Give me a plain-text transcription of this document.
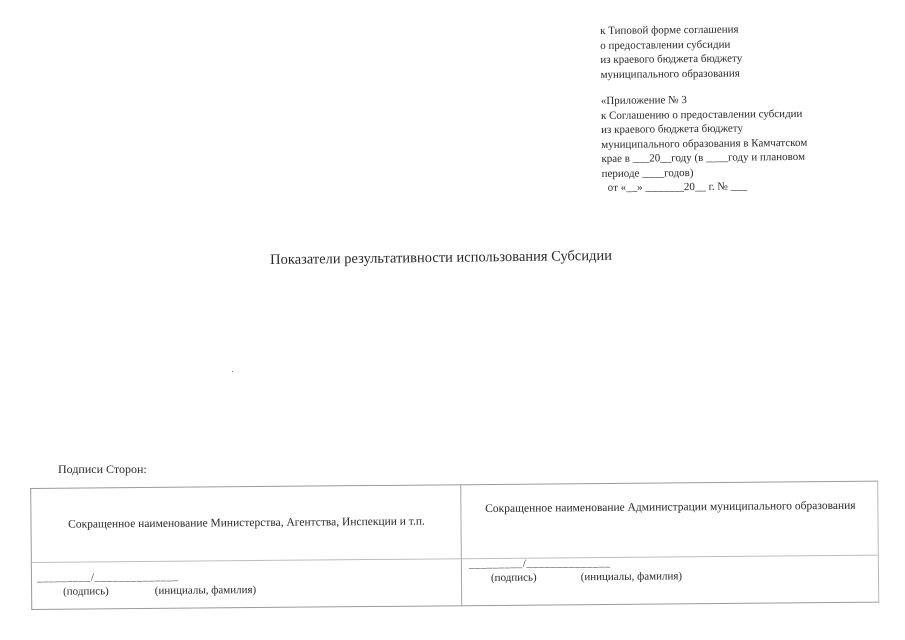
к Типовой форме соглашения
о предоставлении субсидии
из краевого бюджета бюджету
муниципального образования
«Приложение № 3
к Соглашению о предоставлении субсидии
из краевого бюджета бюджету
муниципального образования в Камчатском
крае в ___20__году (в ____году и плановом
периоде ____годов)
от «__» _______20__ г. № ___
Показатели результативности использования Субсидии
Подписи Сторон:
Сокращенное наименование Министерства, Агентства, Инспекции и т.п.
Сокращенное наименование Администрации муниципального образования
_________/______________
(подпись)	(инициалы, фамилия)
_________/______________
(подпись)	(инициалы, фамилия)
